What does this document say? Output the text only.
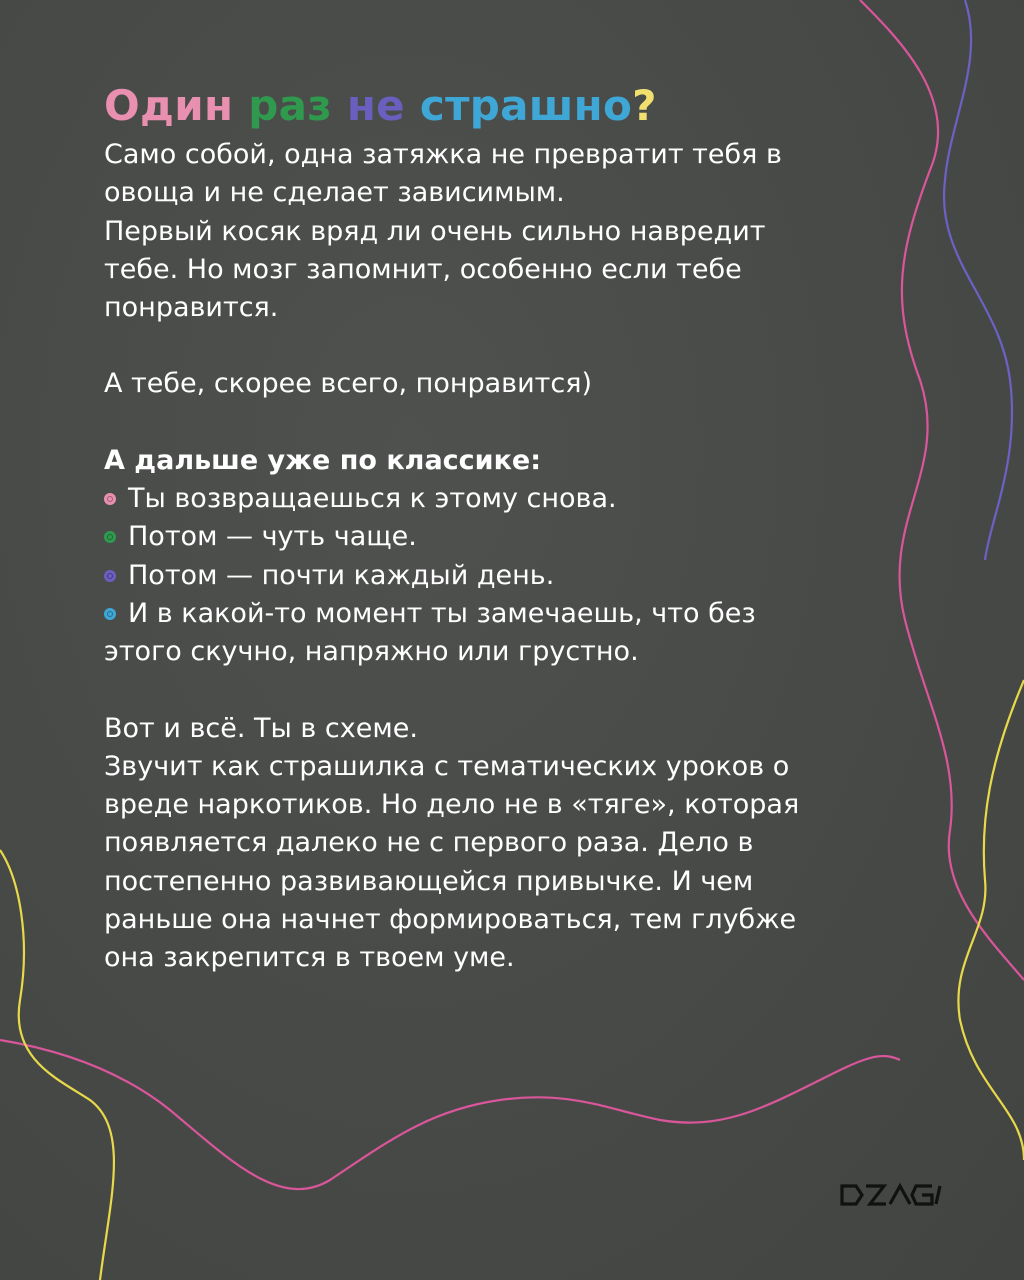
Один раз не страшно?

Само собой, одна затяжка не превратит тебя в

овоща и не сделает зависимым.

Первый косяк вряд ли очень сильно навредит

тебе. Но мозг запомнит, особенно если тебе

понравится.

А тебе, скорее всего, понравится)

А дальше уже по классике:

Ты возвращаешься к этому снова.
Потом — чуть чаще.
Потом — почти каждый день.
И в какой-то момент ты замечаешь, что без

этого скучно, напряжно или грустно.

Вот и всё. Ты в схеме.

Звучит как страшилка с тематических уроков о

вреде наркотиков. Но дело не в «тяге», которая

появляется далеко не с первого раза. Дело в

постепенно развивающейся привычке. И чем

раньше она начнет формироваться, тем глубже

она закрепится в твоем уме.
